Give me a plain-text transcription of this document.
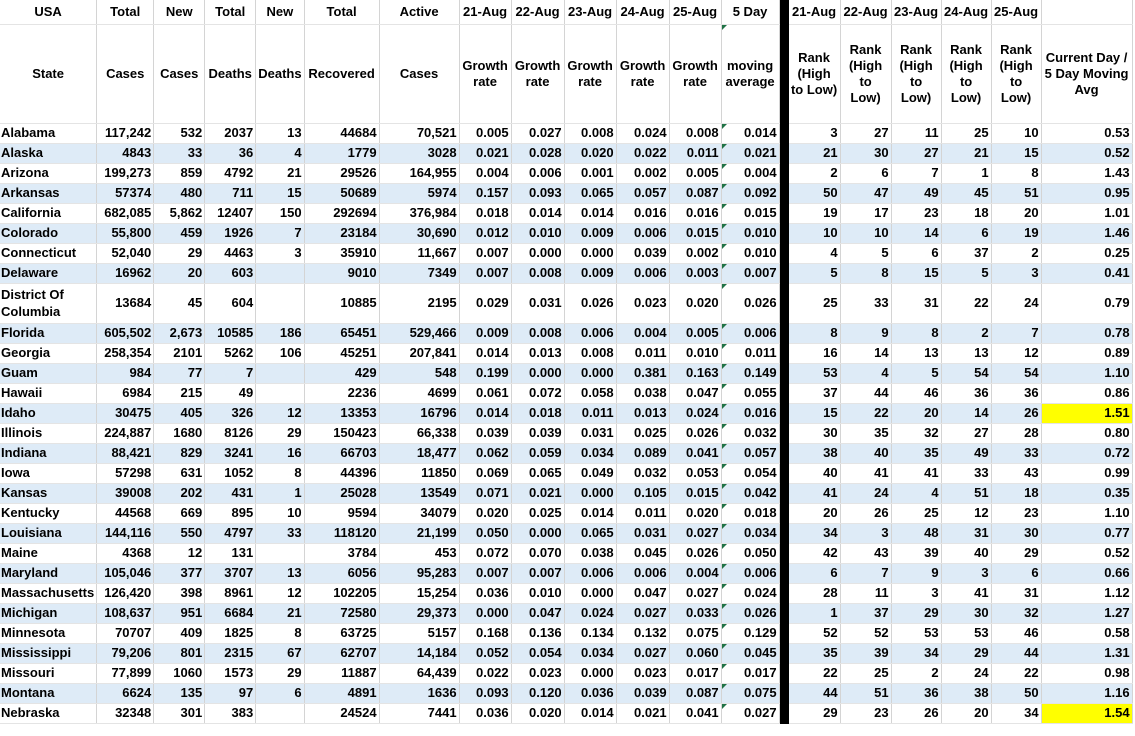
USA	Total	New	Total	New	Total	Active	21-Aug	22-Aug	23-Aug	24-Aug	25-Aug	5 Day		21-Aug	22-Aug	23-Aug	24-Aug	25-Aug	
State	Cases	Cases	Deaths	Deaths	Recovered	Cases	Growth rate	Growth rate	Growth rate	Growth rate	Growth rate	moving average		Rank (High to Low)	Rank (High to Low)	Rank (High to Low)	Rank (High to Low)	Rank (High to Low)	Current Day / 5 Day Moving Avg
Alabama	117,242	532	2037	13	44684	70,521	0.005	0.027	0.008	0.024	0.008	0.014		3	27	11	25	10	0.53
Alaska	4843	33	36	4	1779	3028	0.021	0.028	0.020	0.022	0.011	0.021		21	30	27	21	15	0.52
Arizona	199,273	859	4792	21	29526	164,955	0.004	0.006	0.001	0.002	0.005	0.004		2	6	7	1	8	1.43
Arkansas	57374	480	711	15	50689	5974	0.157	0.093	0.065	0.057	0.087	0.092		50	47	49	45	51	0.95
California	682,085	5,862	12407	150	292694	376,984	0.018	0.014	0.014	0.016	0.016	0.015		19	17	23	18	20	1.01
Colorado	55,800	459	1926	7	23184	30,690	0.012	0.010	0.009	0.006	0.015	0.010		10	10	14	6	19	1.46
Connecticut	52,040	29	4463	3	35910	11,667	0.007	0.000	0.000	0.039	0.002	0.010		4	5	6	37	2	0.25
Delaware	16962	20	603		9010	7349	0.007	0.008	0.009	0.006	0.003	0.007		5	8	15	5	3	0.41
District Of Columbia	13684	45	604		10885	2195	0.029	0.031	0.026	0.023	0.020	0.026		25	33	31	22	24	0.79
Florida	605,502	2,673	10585	186	65451	529,466	0.009	0.008	0.006	0.004	0.005	0.006		8	9	8	2	7	0.78
Georgia	258,354	2101	5262	106	45251	207,841	0.014	0.013	0.008	0.011	0.010	0.011		16	14	13	13	12	0.89
Guam	984	77	7		429	548	0.199	0.000	0.000	0.381	0.163	0.149		53	4	5	54	54	1.10
Hawaii	6984	215	49		2236	4699	0.061	0.072	0.058	0.038	0.047	0.055		37	44	46	36	36	0.86
Idaho	30475	405	326	12	13353	16796	0.014	0.018	0.011	0.013	0.024	0.016		15	22	20	14	26	1.51
Illinois	224,887	1680	8126	29	150423	66,338	0.039	0.039	0.031	0.025	0.026	0.032		30	35	32	27	28	0.80
Indiana	88,421	829	3241	16	66703	18,477	0.062	0.059	0.034	0.089	0.041	0.057		38	40	35	49	33	0.72
Iowa	57298	631	1052	8	44396	11850	0.069	0.065	0.049	0.032	0.053	0.054		40	41	41	33	43	0.99
Kansas	39008	202	431	1	25028	13549	0.071	0.021	0.000	0.105	0.015	0.042		41	24	4	51	18	0.35
Kentucky	44568	669	895	10	9594	34079	0.020	0.025	0.014	0.011	0.020	0.018		20	26	25	12	23	1.10
Louisiana	144,116	550	4797	33	118120	21,199	0.050	0.000	0.065	0.031	0.027	0.034		34	3	48	31	30	0.77
Maine	4368	12	131		3784	453	0.072	0.070	0.038	0.045	0.026	0.050		42	43	39	40	29	0.52
Maryland	105,046	377	3707	13	6056	95,283	0.007	0.007	0.006	0.006	0.004	0.006		6	7	9	3	6	0.66
Massachusetts	126,420	398	8961	12	102205	15,254	0.036	0.010	0.000	0.047	0.027	0.024		28	11	3	41	31	1.12
Michigan	108,637	951	6684	21	72580	29,373	0.000	0.047	0.024	0.027	0.033	0.026		1	37	29	30	32	1.27
Minnesota	70707	409	1825	8	63725	5157	0.168	0.136	0.134	0.132	0.075	0.129		52	52	53	53	46	0.58
Mississippi	79,206	801	2315	67	62707	14,184	0.052	0.054	0.034	0.027	0.060	0.045		35	39	34	29	44	1.31
Missouri	77,899	1060	1573	29	11887	64,439	0.022	0.023	0.000	0.023	0.017	0.017		22	25	2	24	22	0.98
Montana	6624	135	97	6	4891	1636	0.093	0.120	0.036	0.039	0.087	0.075		44	51	36	38	50	1.16
Nebraska	32348	301	383		24524	7441	0.036	0.020	0.014	0.021	0.041	0.027		29	23	26	20	34	1.54
